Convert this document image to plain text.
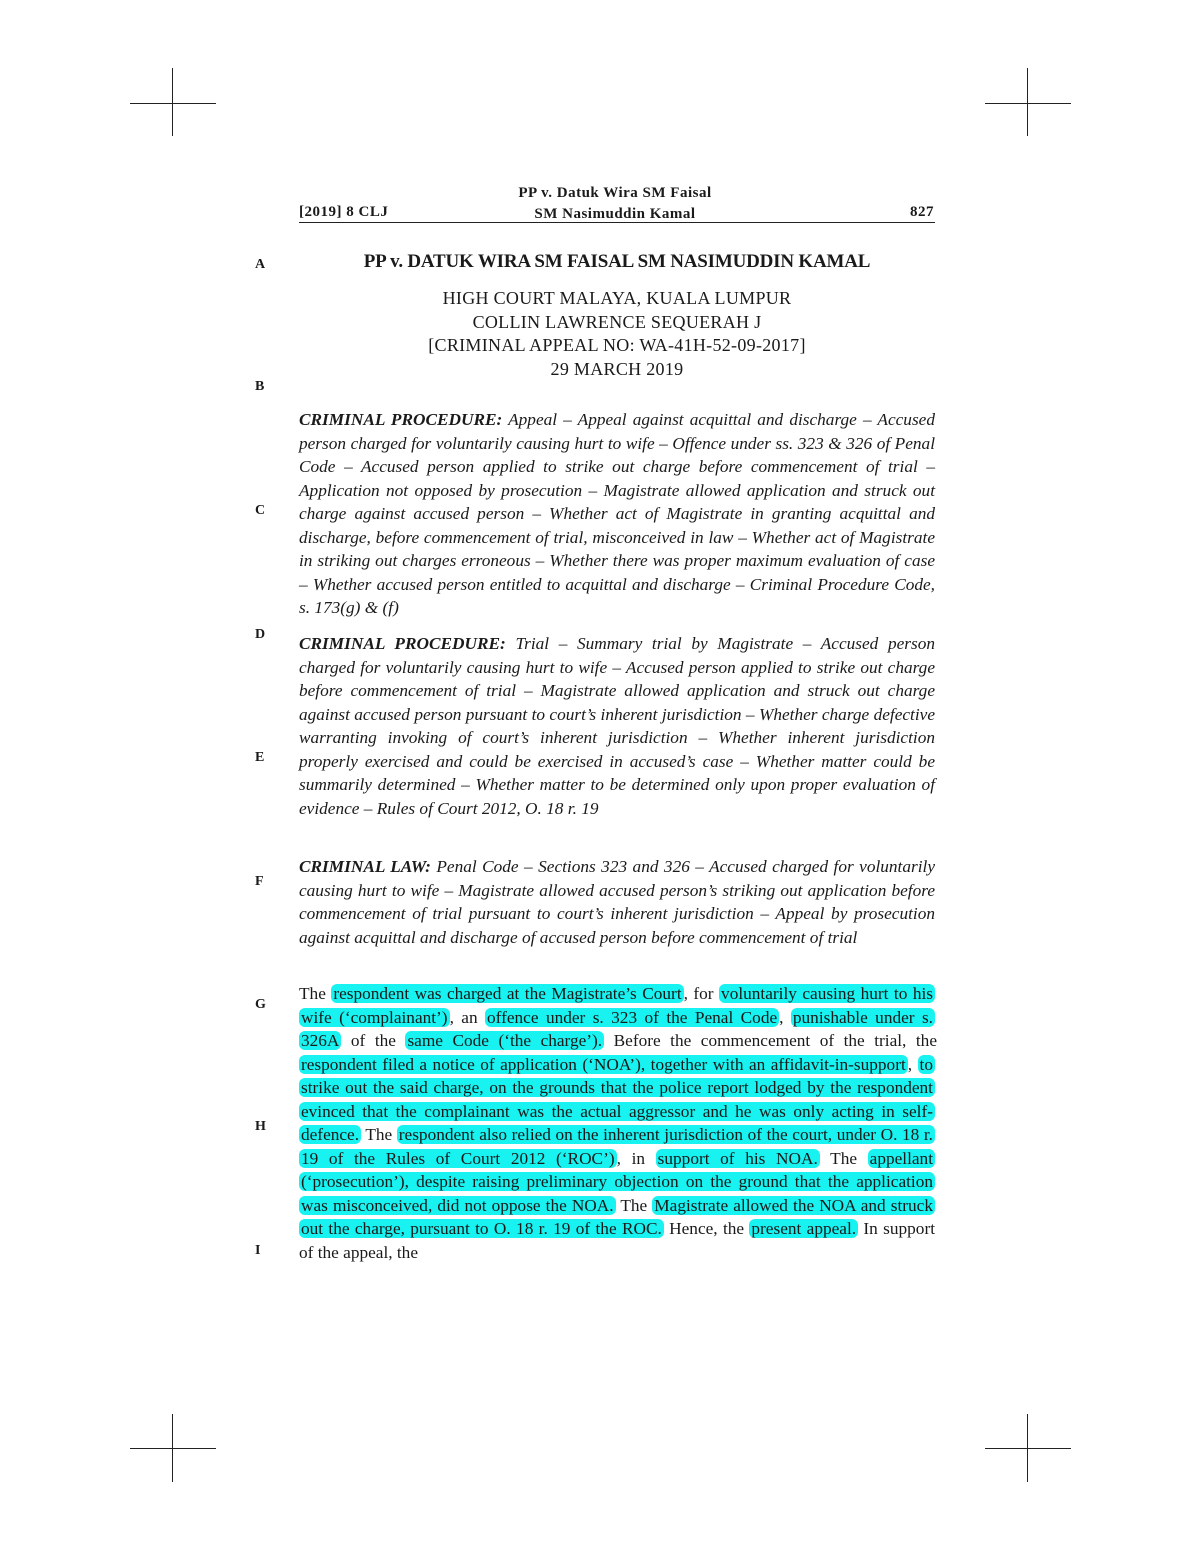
[2019] 8 CLJ
PP v. Datuk Wira SM Faisal
SM Nasimuddin Kamal	827
A
B
C
D
E
F
G
H
I
PP v. DATUK WIRA SM FAISAL SM NASIMUDDIN KAMAL
HIGH COURT MALAYA, KUALA LUMPUR
COLLIN LAWRENCE SEQUERAH J
[CRIMINAL APPEAL NO: WA-41H-52-09-2017]
29 MARCH 2019
CRIMINAL PROCEDURE: Appeal – Appeal against acquittal and discharge – Accused person charged for voluntarily causing hurt to wife – Offence under ss. 323 & 326 of Penal Code – Accused person applied to strike out charge before commencement of trial – Application not opposed by prosecution – Magistrate allowed application and struck out charge against accused person – Whether act of Magistrate in granting acquittal and discharge, before commencement of trial, misconceived in law – Whether act of Magistrate in striking out charges erroneous – Whether there was proper maximum evaluation of case – Whether accused person entitled to acquittal and discharge – Criminal Procedure Code, s. 173(g) & (f)
CRIMINAL PROCEDURE: Trial – Summary trial by Magistrate – Accused person charged for voluntarily causing hurt to wife – Accused person applied to strike out charge before commencement of trial – Magistrate allowed application and struck out charge against accused person pursuant to court’s inherent jurisdiction – Whether charge defective warranting invoking of court’s inherent jurisdiction – Whether inherent jurisdiction properly exercised and could be exercised in accused’s case – Whether matter could be summarily determined – Whether matter to be determined only upon proper evaluation of evidence – Rules of Court 2012, O. 18 r. 19
CRIMINAL LAW: Penal Code – Sections 323 and 326 – Accused charged for voluntarily causing hurt to wife – Magistrate allowed accused person’s striking out application before commencement of trial pursuant to court’s inherent jurisdiction – Appeal by prosecution against acquittal and discharge of accused person before commencement of trial
The respondent was charged at the Magistrate’s Court , for voluntarily causing hurt to his wife (‘complainant’) , an offence under s. 323 of the Penal Code , punishable under s. 326A of the same Code (‘the charge’). Before the commencement of the trial, the respondent filed a notice of application (‘NOA’), together with an affidavit-in-support , to strike out the said charge, on the grounds that the police report lodged by the respondent evinced that the complainant was the actual aggressor and he was only acting in self-defence. The respondent also relied on the inherent jurisdiction of the court, under O. 18 r. 19 of the Rules of Court 2012 (‘ROC’) , in support of his NOA. The appellant (‘prosecution’), despite raising preliminary objection on the ground that the application was misconceived, did not oppose the NOA. The Magistrate allowed the NOA and struck out the charge, pursuant to O. 18 r. 19 of the ROC. Hence, the present appeal. In support of the appeal, the
